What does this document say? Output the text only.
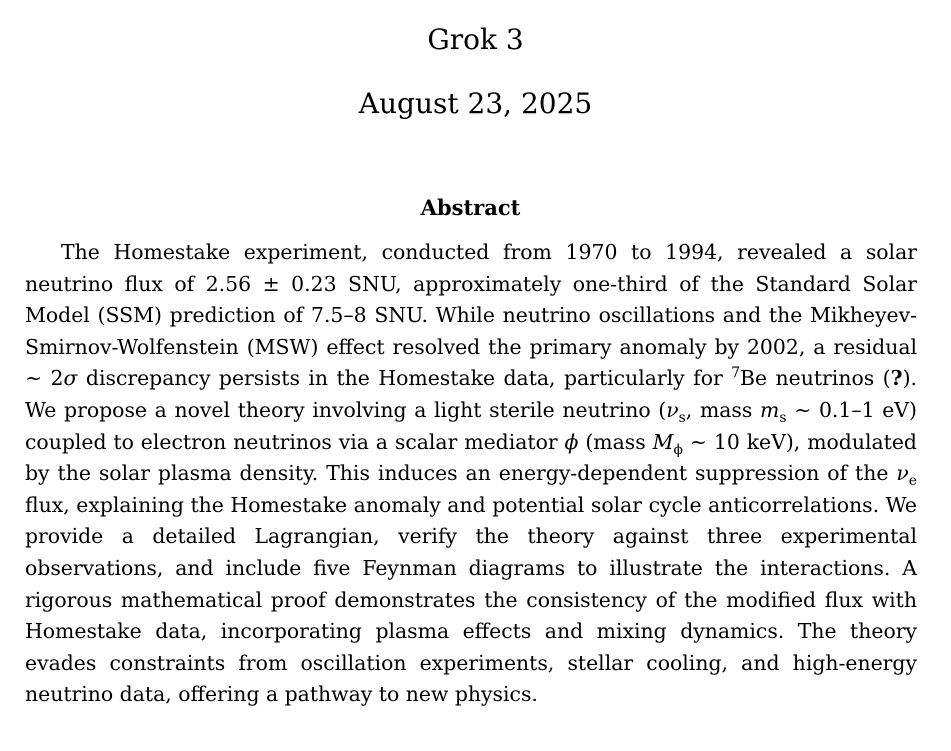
Grok 3
August 23, 2025
Abstract

The Homestake experiment, conducted from 1970 to 1994, revealed a solar neutrino flux of 2.56 ± 0.23 SNU, approximately one-third of the Standard Solar Model (SSM) prediction of 7.5–8 SNU. While neutrino oscillations and the Mikheyev-Smirnov-Wolfenstein (MSW) effect resolved the primary anomaly by 2002, a residual ∼ 2σ discrepancy persists in the Homestake data, particularly for $^7$Be neutrinos (?). We propose a novel theory involving a light sterile neutrino ($\nu_s$, mass $m_s$ ∼ 0.1–1 eV) coupled to electron neutrinos via a scalar mediator ϕ (mass $M_\phi$ ∼ 10 keV), modulated by the solar plasma density. This induces an energy-dependent suppression of the $\nu_e$ flux, explaining the Homestake anomaly and potential solar cycle anticorrelations. We provide a detailed Lagrangian, verify the theory against three experimental observations, and include five Feynman diagrams to illustrate the interactions. A rigorous mathematical proof demonstrates the consistency of the modified flux with Homestake data, incorporating plasma effects and mixing dynamics. The theory evades constraints from oscillation experiments, stellar cooling, and high-energy neutrino data, offering a pathway to new physics.
